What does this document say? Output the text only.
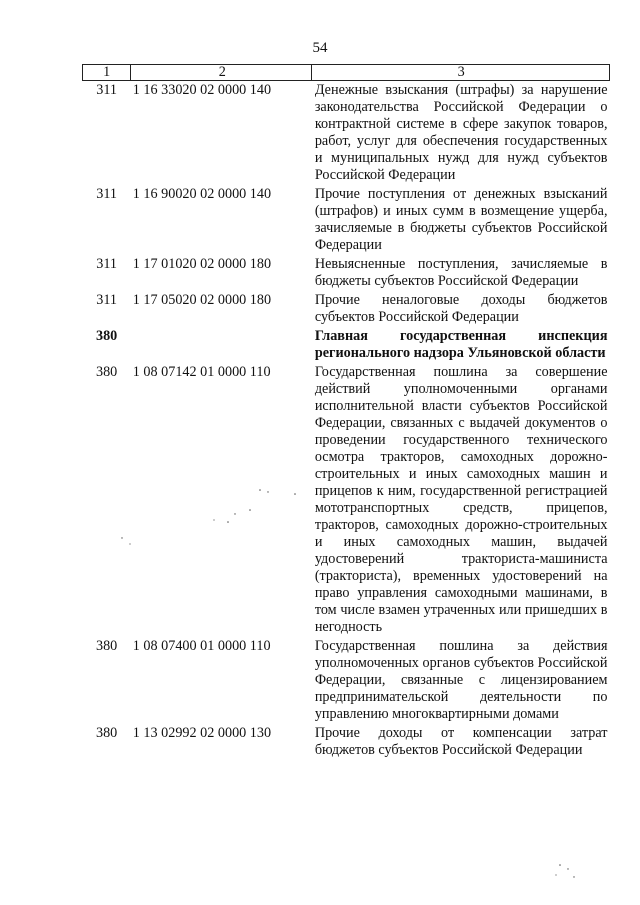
54
1	2	3
311	1 16 33020 02 0000 140	Денежные взыскания (штрафы) за нарушение законодательства Российской Федерации о контрактной системе в сфере закупок товаров, работ, услуг для обеспечения государственных и муниципальных нужд для нужд субъектов Российской Федерации
311	1 16 90020 02 0000 140	Прочие поступления от денежных взысканий (штрафов) и иных сумм в возмещение ущерба, зачисляемые в бюджеты субъектов Российской Федерации
311	1 17 01020 02 0000 180	Невыясненные поступления, зачисляемые в бюджеты субъектов Российской Федерации
311	1 17 05020 02 0000 180	Прочие неналоговые доходы бюджетов субъектов Российской Федерации
380		Главная государственная инспекция регионального надзора Ульяновской области
380	1 08 07142 01 0000 110	Государственная пошлина за совершение действий уполномоченными органами исполнительной власти субъектов Российской Федерации, связанных с выдачей документов о проведении государственного технического осмотра тракторов, самоходных дорожно-строительных и иных самоходных машин и прицепов к ним, государственной регистрацией мототранспортных средств, прицепов, тракторов, самоходных дорожно-строительных и иных самоходных машин, выдачей удостоверений тракториста-машиниста (тракториста), временных удостоверений на право управления самоходными машинами, в том числе взамен утраченных или пришедших в негодность
380	1 08 07400 01 0000 110	Государственная пошлина за действия уполномоченных органов субъектов Российской Федерации, связанные с лицензированием предпринимательской деятельности по управлению многоквартирными домами
380	1 13 02992 02 0000 130	Прочие доходы от компенсации затрат бюджетов субъектов Российской Федерации
